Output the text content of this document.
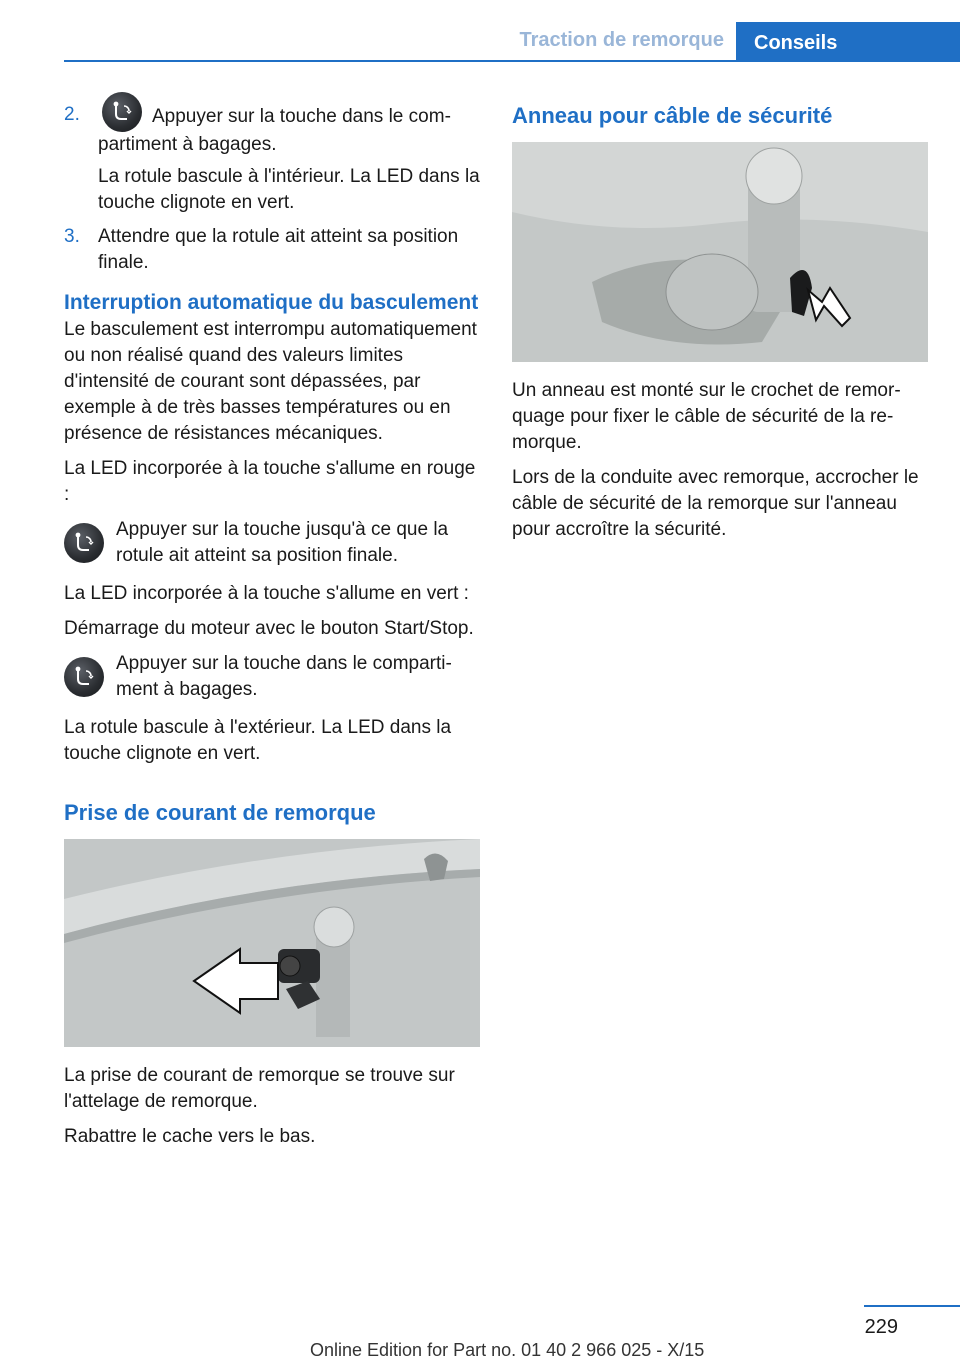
Traction de remorque	Conseils
2.	Appuyer sur la touche dans le compartiment à bagages.

La rotule bascule à l'intérieur. La LED dans la touche clignote en vert.

3. Attendre que la rotule ait atteint sa position finale.

Interruption automatique du basculement

Le basculement est interrompu automatiquement ou non réalisé quand des valeurs limites d'intensité de courant sont dépassées, par exemple à de très basses températures ou en présence de résistances mécaniques.

La LED incorporée à la touche s'allume en rouge :

Appuyer sur la touche jusqu'à ce que la rotule ait atteint sa position finale.

La LED incorporée à la touche s'allume en vert :

Démarrage du moteur avec le bouton Start/Stop.

Appuyer sur la touche dans le compartiment à bagages.

La rotule bascule à l'extérieur. La LED dans la touche clignote en vert.

Prise de courant de remorque

La prise de courant de remorque se trouve sur l'attelage de remorque.

Rabattre le cache vers le bas.

Anneau pour câble de sécurité

Un anneau est monté sur le crochet de remorquage pour fixer le câble de sécurité de la remorque.

Lors de la conduite avec remorque, accrocher le câble de sécurité de la remorque sur l'anneau pour accroître la sécurité.

229
Online Edition for Part no. 01 40 2 966 025 - X/15
